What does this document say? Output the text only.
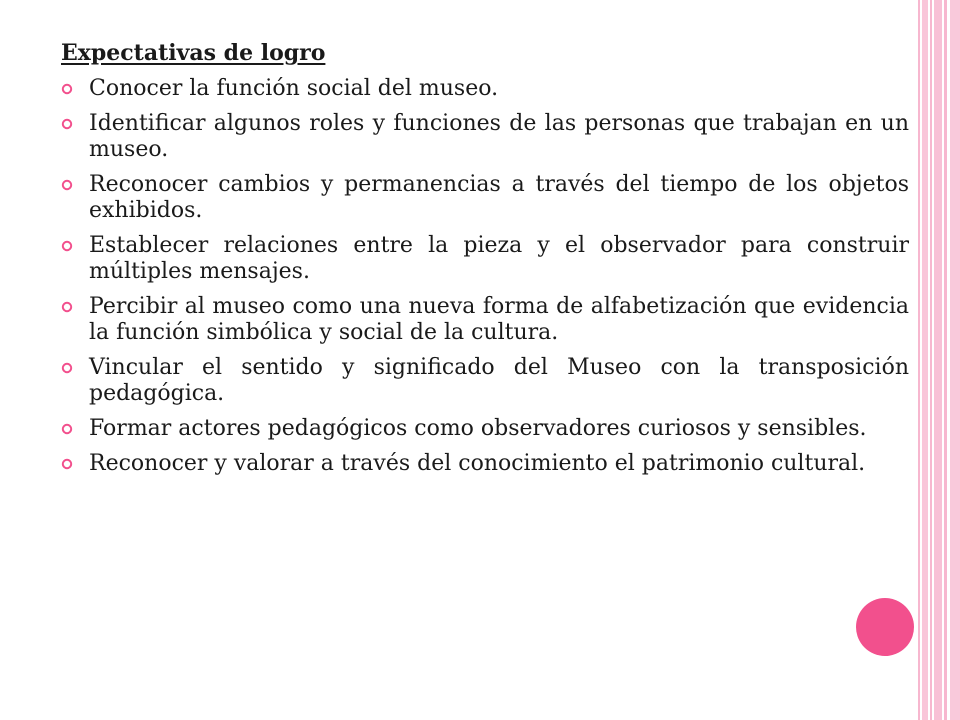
Expectativas de logro
Conocer la función social del museo.
Identificar algunos roles y funciones de las personas que trabajan en un museo.
Reconocer cambios y permanencias a través del tiempo de los objetos exhibidos.
Establecer relaciones entre la pieza y el observador para construir múltiples mensajes.
Percibir al museo como una nueva forma de alfabetización que evidencia la función simbólica y social de la cultura.
Vincular el sentido y significado del Museo con la transposición pedagógica.
Formar actores pedagógicos como observadores curiosos y sensibles.
Reconocer y valorar a través del conocimiento el patrimonio cultural.
